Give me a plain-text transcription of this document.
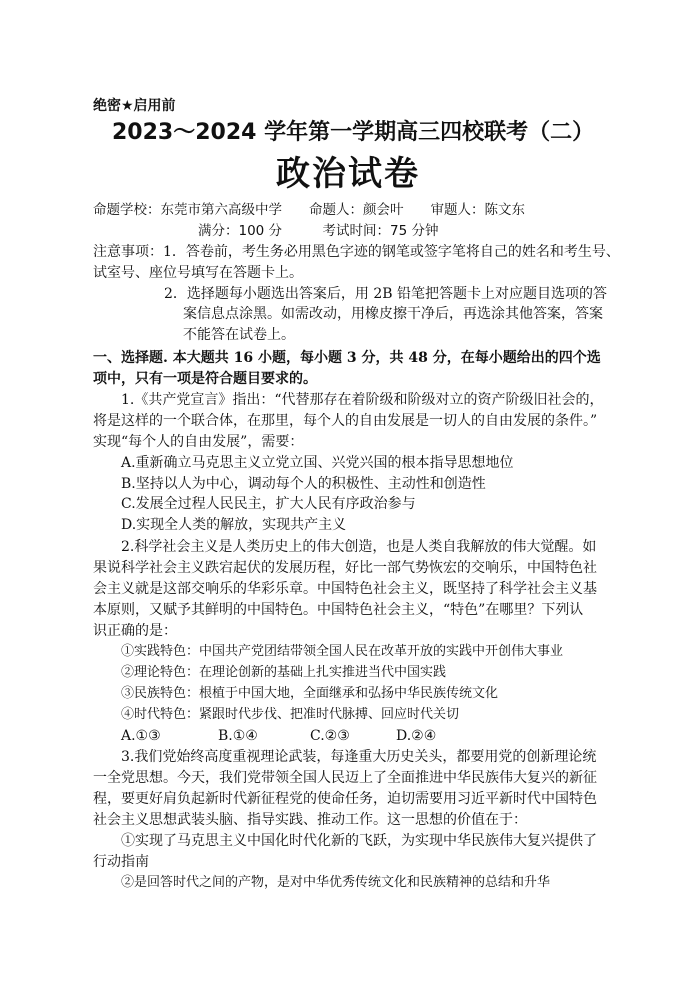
绝密★启用前
2023～2024 学年第一学期高三四校联考（二）
政治试卷
命题学校：东莞市第六高级中学　　命题人：颜会叶　　审题人：陈文东
满分：100 分　　　考试时间：75 分钟
注意事项：1．答卷前，考生务必用黑色字迹的钢笔或签字笔将自己的姓名和考生号、
试室号、座位号填写在答题卡上。
2．选择题每小题选出答案后，用 2B 铅笔把答题卡上对应题目选项的答
案信息点涂黑。如需改动，用橡皮擦干净后，再选涂其他答案，答案
不能答在试卷上。
一、选择题. 本大题共 16 小题，每小题 3 分，共 48 分，在每小题给出的四个选
项中，只有一项是符合题目要求的。
1.《共产党宣言》指出：“代替那存在着阶级和阶级对立的资产阶级旧社会的，
将是这样的一个联合体，在那里，每个人的自由发展是一切人的自由发展的条件。”
实现“每个人的自由发展”，需要：
A.重新确立马克思主义立党立国、兴党兴国的根本指导思想地位
B.坚持以人为中心，调动每个人的积极性、主动性和创造性
C.发展全过程人民民主，扩大人民有序政治参与
D.实现全人类的解放，实现共产主义
2.科学社会主义是人类历史上的伟大创造，也是人类自我解放的伟大觉醒。如
果说科学社会主义跌宕起伏的发展历程，好比一部气势恢宏的交响乐，中国特色社
会主义就是这部交响乐的华彩乐章。中国特色社会主义，既坚持了科学社会主义基
本原则，又赋予其鲜明的中国特色。中国特色社会主义，“特色”在哪里？下列认
识正确的是：
①实践特色：中国共产党团结带领全国人民在改革开放的实践中开创伟大事业
②理论特色：在理论创新的基础上扎实推进当代中国实践
③民族特色：根植于中国大地，全面继承和弘扬中华民族传统文化
④时代特色：紧跟时代步伐、把准时代脉搏、回应时代关切
A.①③	B.①④	C.②③	D.②④
3.我们党始终高度重视理论武装，每逢重大历史关头，都要用党的创新理论统
一全党思想。今天，我们党带领全国人民迈上了全面推进中华民族伟大复兴的新征
程，要更好肩负起新时代新征程党的使命任务，迫切需要用习近平新时代中国特色
社会主义思想武装头脑、指导实践、推动工作。这一思想的价值在于：
①实现了马克思主义中国化时代化新的飞跃，为实现中华民族伟大复兴提供了
行动指南
②是回答时代之间的产物，是对中华优秀传统文化和民族精神的总结和升华
